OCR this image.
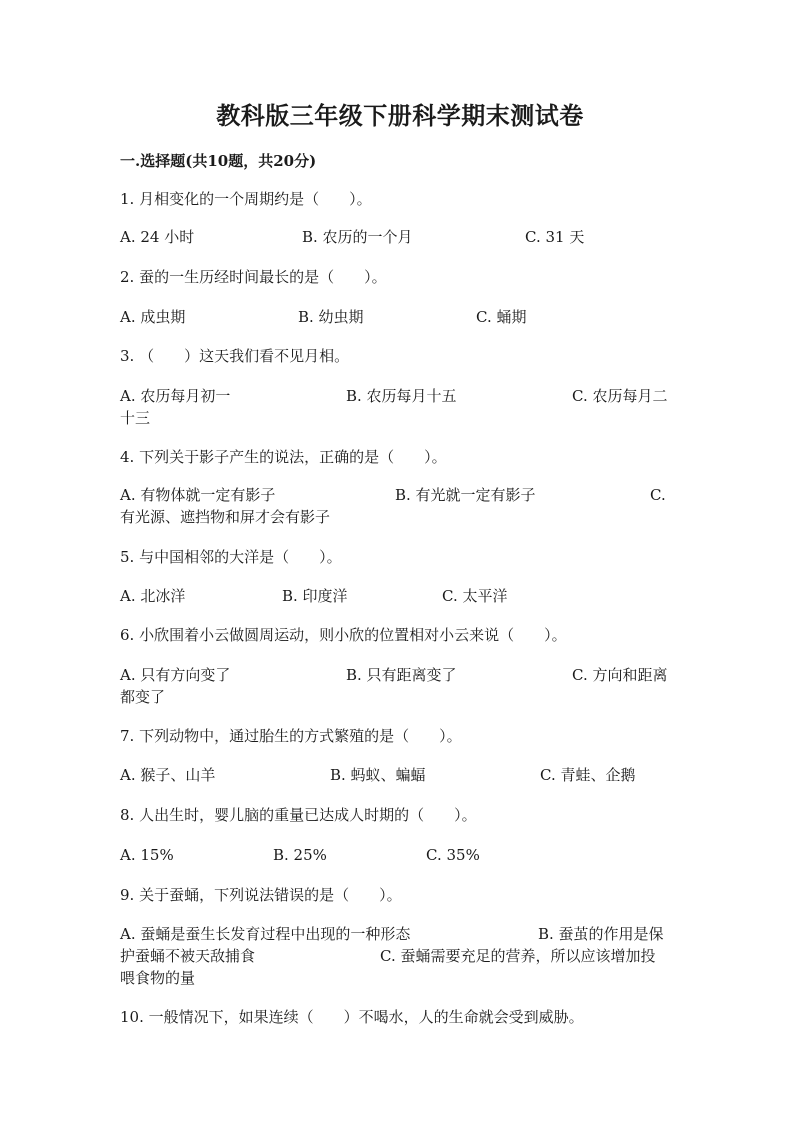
教科版三年级下册科学期末测试卷
一.选择题(共10题，共20分)
1. 月相变化的一个周期约是（　　）。
A. 24 小时	B. 农历的一个月	C. 31 天
2. 蚕的一生历经时间最长的是（　　）。
A. 成虫期	B. 幼虫期	C. 蛹期
3. （　　）这天我们看不见月相。
A. 农历每月初一	B. 农历每月十五	C. 农历每月二
十三
4. 下列关于影子产生的说法，正确的是（　　）。
A. 有物体就一定有影子	B. 有光就一定有影子	C.
有光源、遮挡物和屏才会有影子
5. 与中国相邻的大洋是（　　）。
A. 北冰洋	B. 印度洋	C. 太平洋
6. 小欣围着小云做圆周运动，则小欣的位置相对小云来说（　　）。
A. 只有方向变了	B. 只有距离变了	C. 方向和距离
都变了
7. 下列动物中，通过胎生的方式繁殖的是（　　）。
A. 猴子、山羊	B. 蚂蚁、蝙蝠	C. 青蛙、企鹅
8. 人出生时，婴儿脑的重量已达成人时期的（　　）。
A. 15%	B. 25%	C. 35%
9. 关于蚕蛹，下列说法错误的是（　　）。
A. 蚕蛹是蚕生长发育过程中出现的一种形态	B. 蚕茧的作用是保
护蚕蛹不被天敌捕食	C. 蚕蛹需要充足的营养，所以应该增加投
喂食物的量
10. 一般情况下，如果连续（　　）不喝水，人的生命就会受到威胁。
